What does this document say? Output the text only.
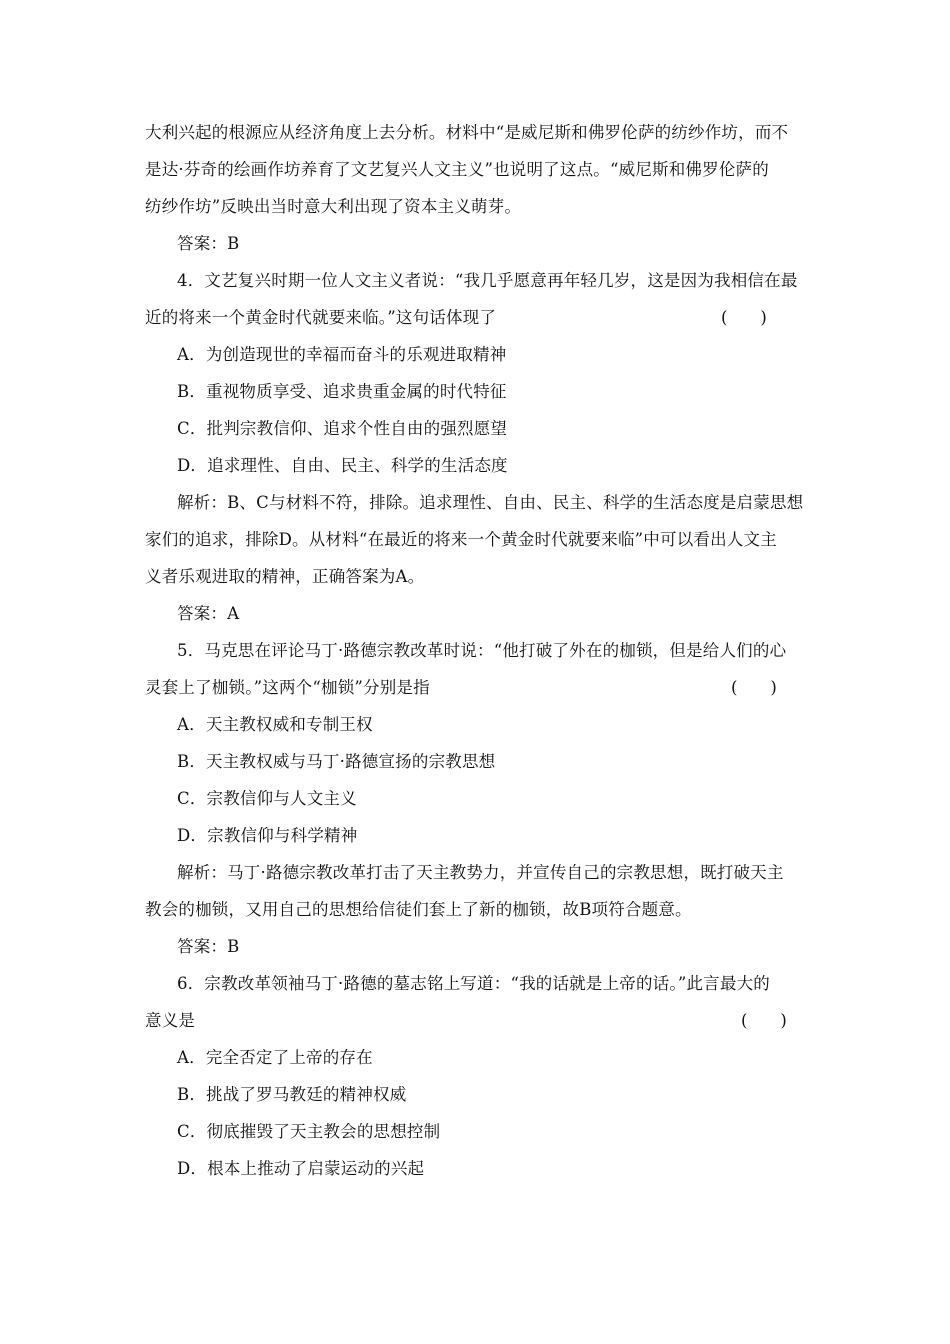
大利兴起的根源应从经济角度上去分析。材料中“是威尼斯和佛罗伦萨的纺纱作坊，而不
是达·芬奇的绘画作坊养育了文艺复兴人文主义”也说明了这点。“威尼斯和佛罗伦萨的
纺纱作坊”反映出当时意大利出现了资本主义萌芽。
答案：B
4．文艺复兴时期一位人文主义者说：“我几乎愿意再年轻几岁，这是因为我相信在最
近的将来一个黄金时代就要来临。”这句话体现了	(　　)
A．为创造现世的幸福而奋斗的乐观进取精神
B．重视物质享受、追求贵重金属的时代特征
C．批判宗教信仰、追求个性自由的强烈愿望
D．追求理性、自由、民主、科学的生活态度
解析：B、C与材料不符，排除。追求理性、自由、民主、科学的生活态度是启蒙思想
家们的追求，排除D。从材料“在最近的将来一个黄金时代就要来临”中可以看出人文主
义者乐观进取的精神，正确答案为A。
答案：A
5．马克思在评论马丁·路德宗教改革时说：“他打破了外在的枷锁，但是给人们的心
灵套上了枷锁。”这两个“枷锁”分别是指	(　　)
A．天主教权威和专制王权
B．天主教权威与马丁·路德宣扬的宗教思想
C．宗教信仰与人文主义
D．宗教信仰与科学精神
解析：马丁·路德宗教改革打击了天主教势力，并宣传自己的宗教思想，既打破天主
教会的枷锁，又用自己的思想给信徒们套上了新的枷锁，故B项符合题意。
答案：B
6．宗教改革领袖马丁·路德的墓志铭上写道：“我的话就是上帝的话。”此言最大的
意义是	(　　)
A．完全否定了上帝的存在
B．挑战了罗马教廷的精神权威
C．彻底摧毁了天主教会的思想控制
D．根本上推动了启蒙运动的兴起
